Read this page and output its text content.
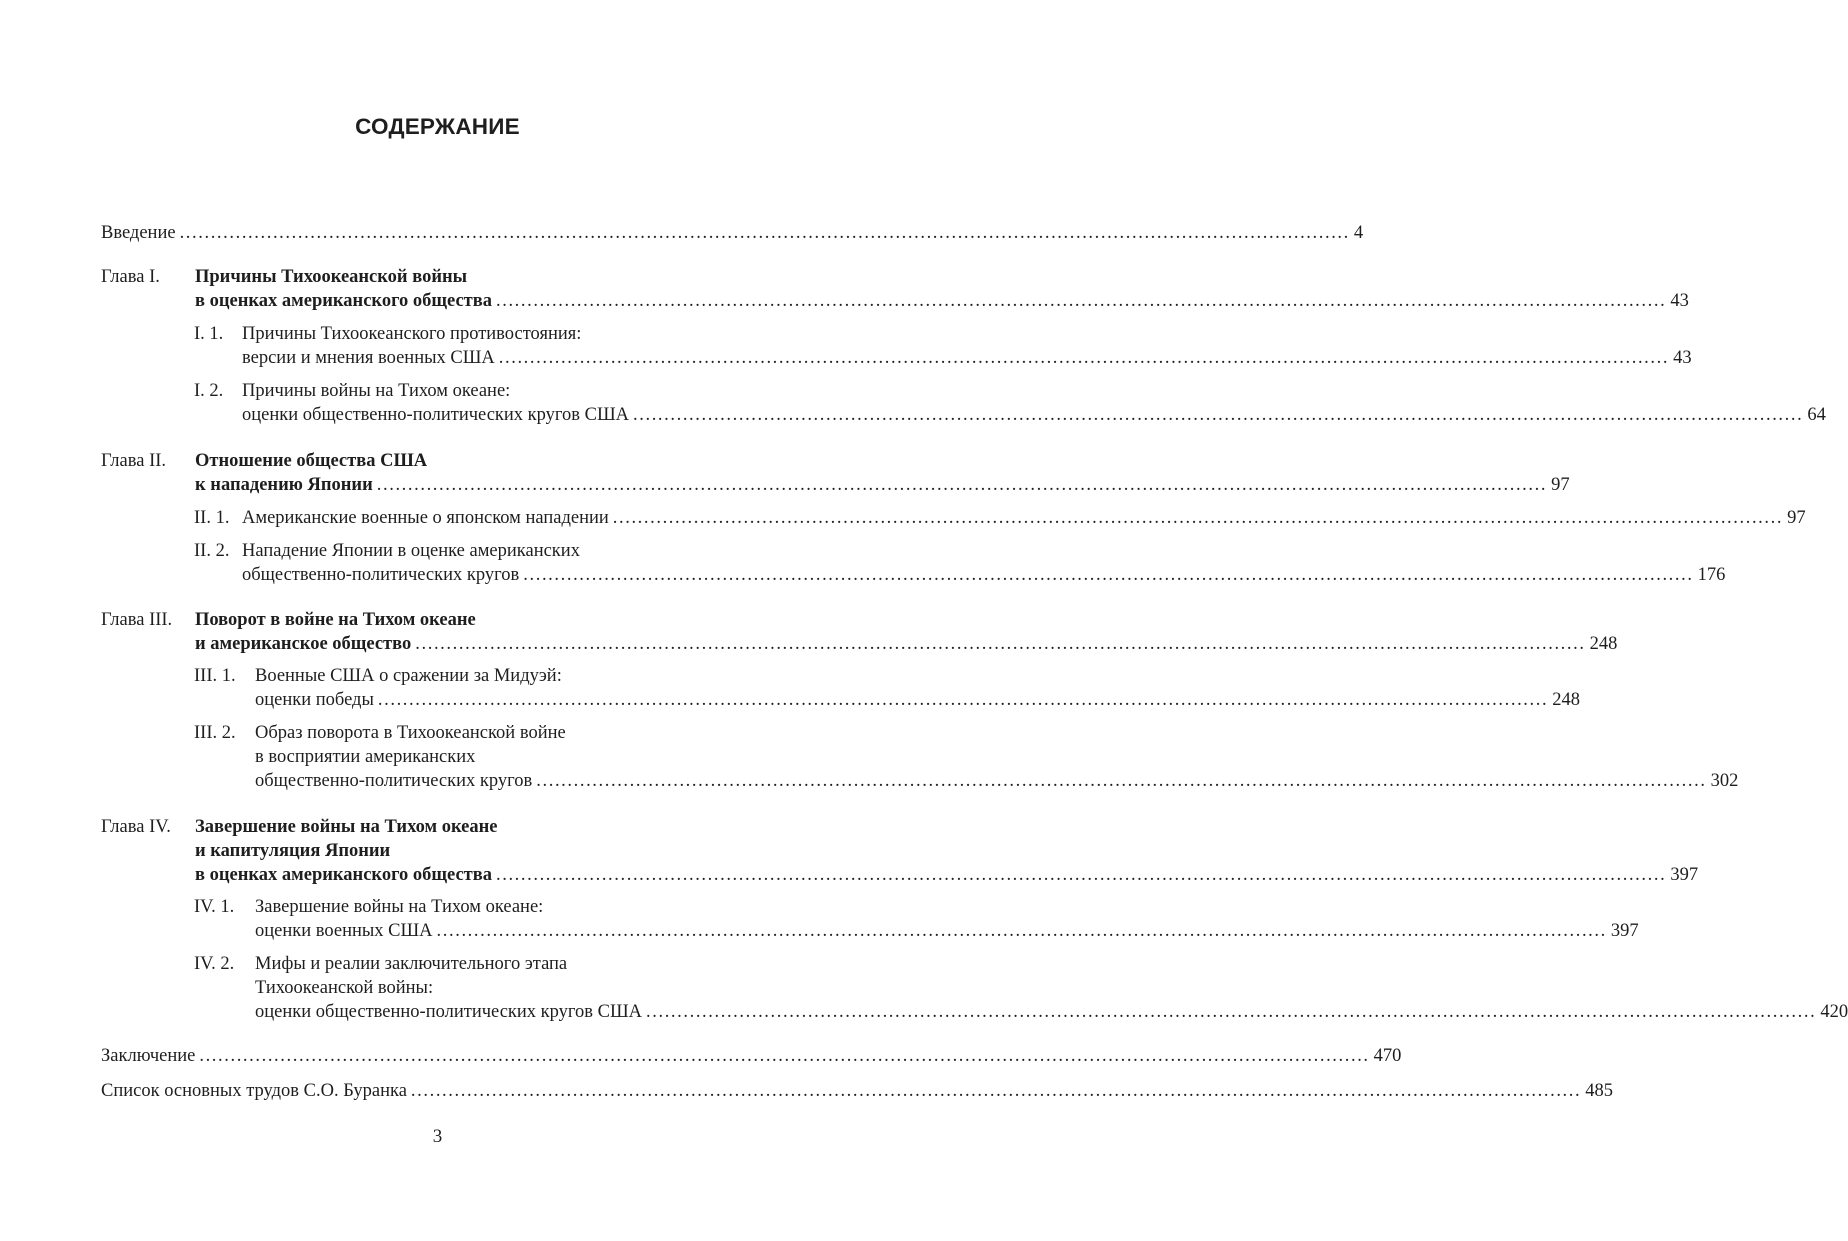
СОДЕРЖАНИЕ
Введение ............................................................................................................................................................................................ 4
Глава I. Причины Тихоокеанской войны
в оценках американского общества ............................................................................................................................................................................................ 43
I. 1. Причины Тихоокеанского противостояния:
версии и мнения военных США ............................................................................................................................................................................................ 43
I. 2. Причины войны на Тихом океане:
оценки общественно-политических кругов США ............................................................................................................................................................................................ 64
Глава II. Отношение общества США
к нападению Японии ............................................................................................................................................................................................ 97
II. 1. Американские военные о японском нападении ............................................................................................................................................................................................ 97
II. 2. Нападение Японии в оценке американских
общественно-политических кругов ............................................................................................................................................................................................ 176
Глава III. Поворот в войне на Тихом океане
и американское общество ............................................................................................................................................................................................ 248
III. 1. Военные США о сражении за Мидуэй:
оценки победы ............................................................................................................................................................................................ 248
III. 2. Образ поворота в Тихоокеанской войне
в восприятии американских
общественно-политических кругов ............................................................................................................................................................................................ 302
Глава IV. Завершение войны на Тихом океане
и капитуляция Японии
в оценках американского общества ............................................................................................................................................................................................ 397
IV. 1. Завершение войны на Тихом океане:
оценки военных США ............................................................................................................................................................................................ 397
IV. 2. Мифы и реалии заключительного этапа
Тихоокеанской войны:
оценки общественно-политических кругов США ............................................................................................................................................................................................ 420
Заключение ............................................................................................................................................................................................ 470
Список основных трудов С.О. Буранка ............................................................................................................................................................................................ 485
3
